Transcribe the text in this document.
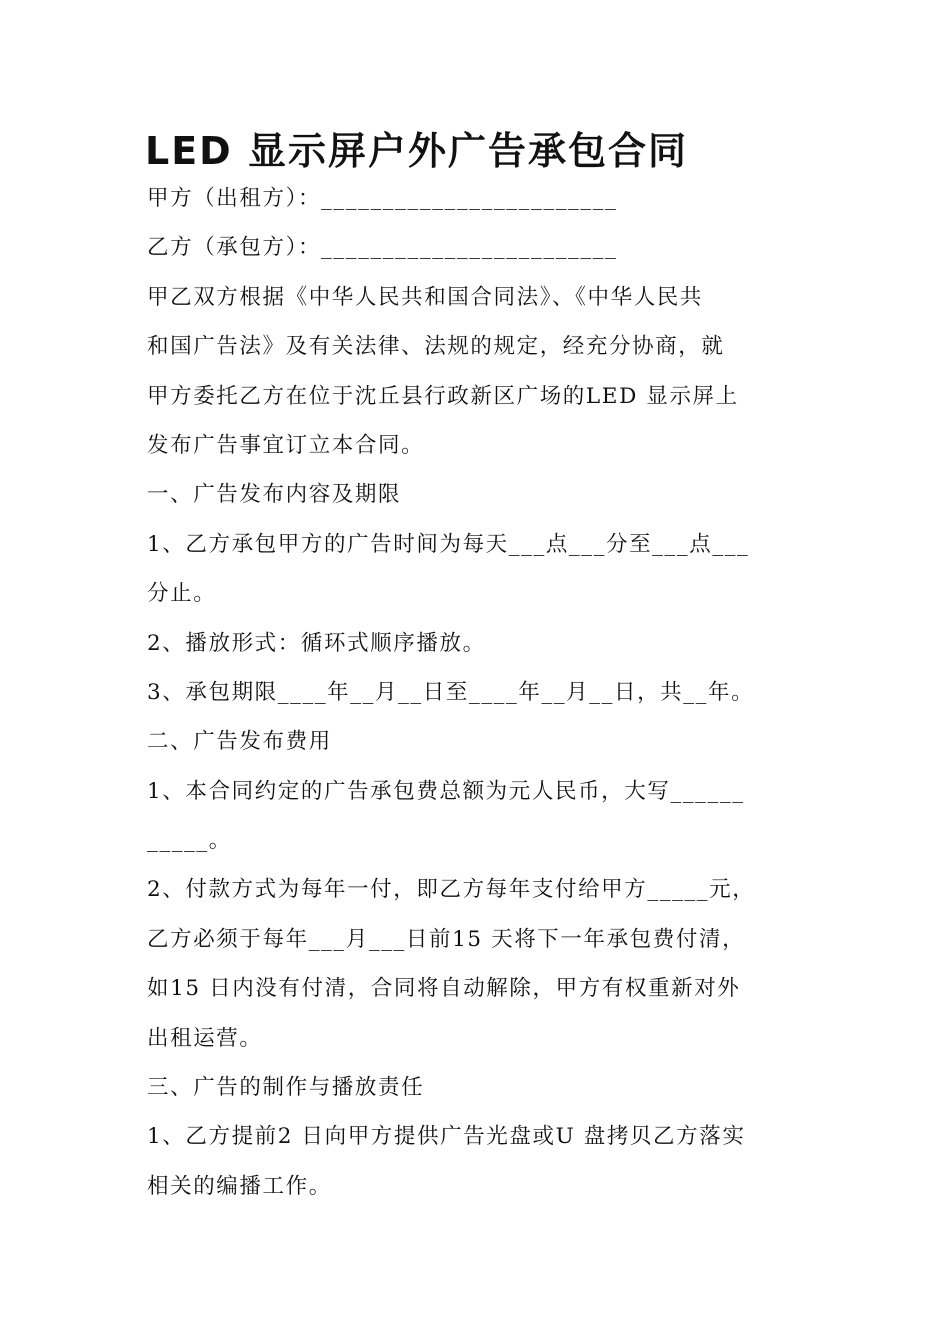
LED 显示屏户外广告承包合同
甲方（出租方）：________________________
乙方（承包方）：________________________
甲乙双方根据《中华人民共和国合同法》、《中华人民共
和国广告法》及有关法律、法规的规定，经充分协商，就
甲方委托乙方在位于沈丘县行政新区广场的LED 显示屏上
发布广告事宜订立本合同。
一、广告发布内容及期限
1、乙方承包甲方的广告时间为每天___点___分至___点___
分止。
2、播放形式：循环式顺序播放。
3、承包期限____年__月__日至____年__月__日，共__年。
二、广告发布费用
1、本合同约定的广告承包费总额为元人民币，大写______
_____。
2、付款方式为每年一付，即乙方每年支付给甲方_____元，
乙方必须于每年___月___日前15 天将下一年承包费付清，
如15 日内没有付清，合同将自动解除，甲方有权重新对外
出租运营。
三、广告的制作与播放责任
1、乙方提前2 日向甲方提供广告光盘或U 盘拷贝乙方落实
相关的编播工作。
